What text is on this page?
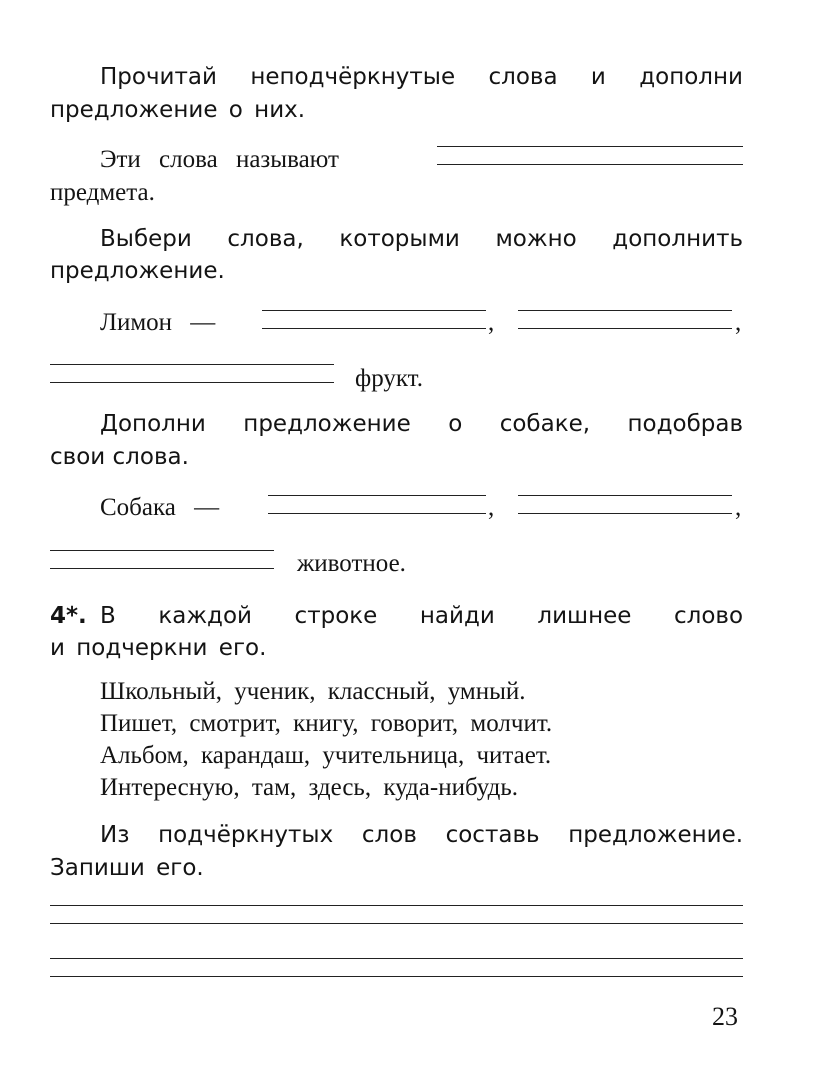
Прочитай неподчёркнутые слова и дополни
предложение о них.
Эти слова называют
предмета.
Выбери слова, которыми можно дополнить
предложение.
Лимон —	,	,
фрукт.
Дополни предложение о собаке, подобрав
свои слова.
Собака —	,	,
животное.
4*. В каждой строке найди лишнее слово
и подчеркни его.
Школьный, ученик, классный, умный.
Пишет, смотрит, книгу, говорит, молчит.
Альбом, карандаш, учительница, читает.
Интересную, там, здесь, куда-нибудь.
Из подчёркнутых слов составь предложение.
Запиши его.
23
